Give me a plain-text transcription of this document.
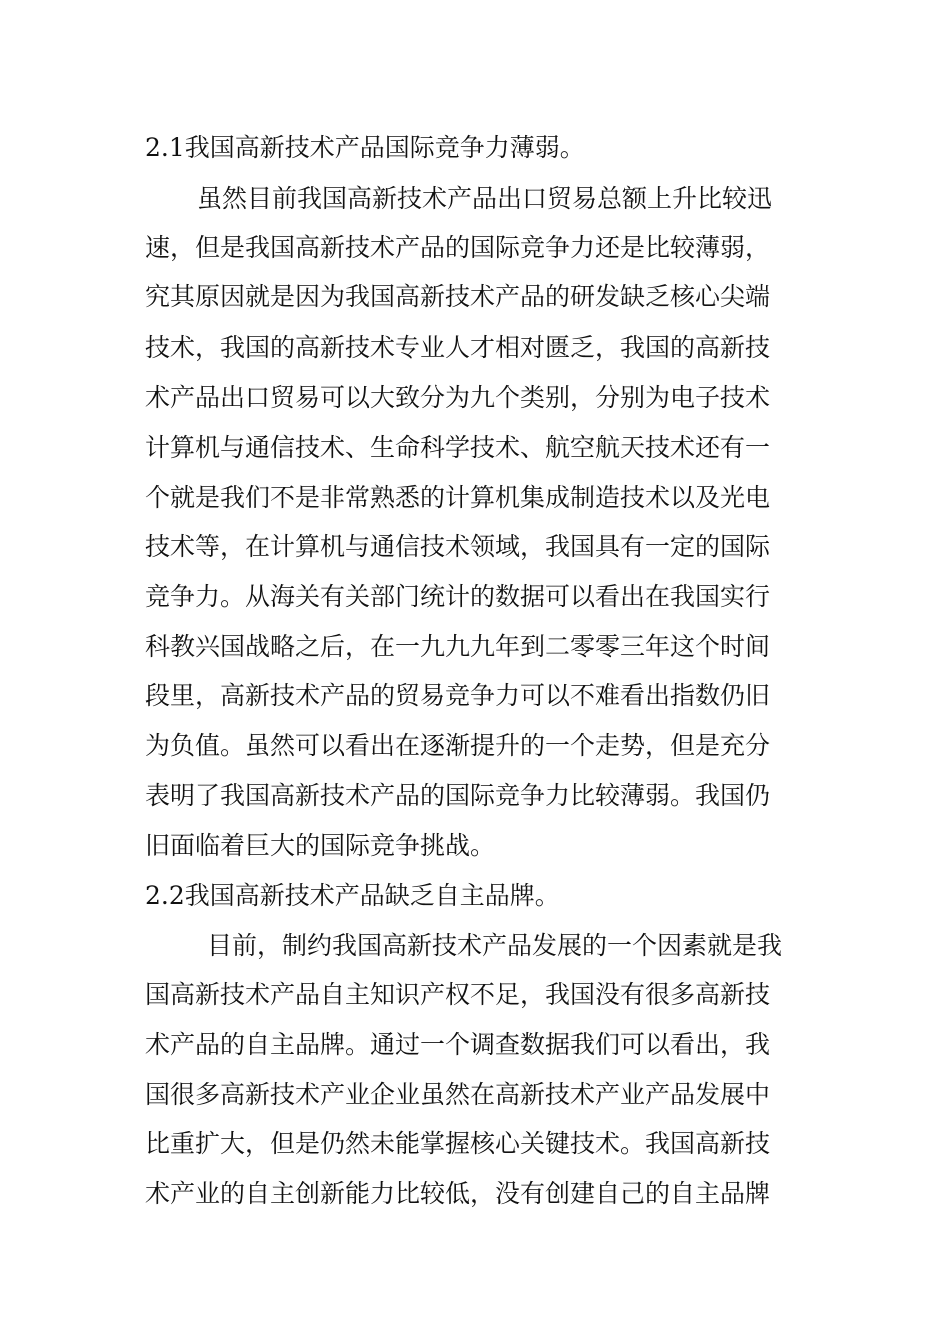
2.1我国高新技术产品国际竞争力薄弱。
虽然目前我国高新技术产品出口贸易总额上升比较迅
速，但是我国高新技术产品的国际竞争力还是比较薄弱，
究其原因就是因为我国高新技术产品的研发缺乏核心尖端
技术，我国的高新技术专业人才相对匮乏，我国的高新技
术产品出口贸易可以大致分为九个类别，分别为电子技术
计算机与通信技术、生命科学技术、航空航天技术还有一
个就是我们不是非常熟悉的计算机集成制造技术以及光电
技术等，在计算机与通信技术领域，我国具有一定的国际
竞争力。从海关有关部门统计的数据可以看出在我国实行
科教兴国战略之后，在一九九九年到二零零三年这个时间
段里，高新技术产品的贸易竞争力可以不难看出指数仍旧
为负值。虽然可以看出在逐渐提升的一个走势，但是充分
表明了我国高新技术产品的国际竞争力比较薄弱。我国仍
旧面临着巨大的国际竞争挑战。
2.2我国高新技术产品缺乏自主品牌。
目前，制约我国高新技术产品发展的一个因素就是我
国高新技术产品自主知识产权不足，我国没有很多高新技
术产品的自主品牌。通过一个调查数据我们可以看出，我
国很多高新技术产业企业虽然在高新技术产业产品发展中
比重扩大，但是仍然未能掌握核心关键技术。我国高新技
术产业的自主创新能力比较低，没有创建自己的自主品牌
